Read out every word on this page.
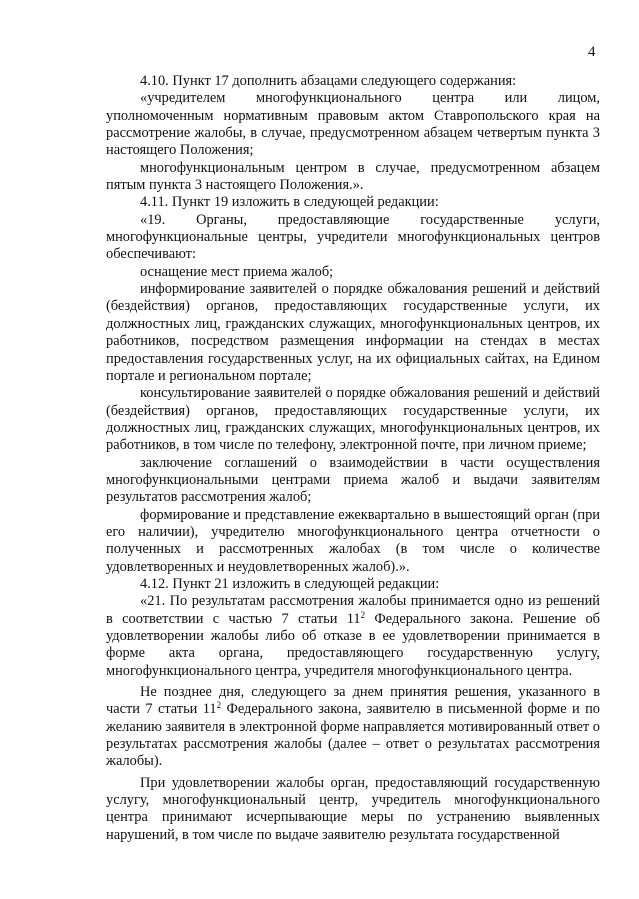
4

4.10. Пункт 17 дополнить абзацами следующего содержания:

«учредителем многофункционального центра или лицом, уполномоченным нормативным правовым актом Ставропольского края на рассмотрение жалобы, в случае, предусмотренном абзацем четвертым пункта 3 настоящего Положения;

многофункциональным центром в случае, предусмотренном абзацем пятым пункта 3 настоящего Положения.».

4.11. Пункт 19 изложить в следующей редакции:

«19. Органы, предоставляющие государственные услуги, многофункциональные центры, учредители многофункциональных центров обеспечивают:

оснащение мест приема жалоб;

информирование заявителей о порядке обжалования решений и действий (бездействия) органов, предоставляющих государственные услуги, их должностных лиц, гражданских служащих, многофункциональных центров, их работников, посредством размещения информации на стендах в местах предоставления государственных услуг, на их официальных сайтах, на Едином портале и региональном портале;

консультирование заявителей о порядке обжалования решений и действий (бездействия) органов, предоставляющих государственные услуги, их должностных лиц, гражданских служащих, многофункциональных центров, их работников, в том числе по телефону, электронной почте, при личном приеме;

заключение соглашений о взаимодействии в части осуществления многофункциональными центрами приема жалоб и выдачи заявителям результатов рассмотрения жалоб;

формирование и представление ежеквартально в вышестоящий орган (при его наличии), учредителю многофункционального центра отчетности о полученных и рассмотренных жалобах (в том числе о количестве удовлетворенных и неудовлетворенных жалоб).».

4.12. Пункт 21 изложить в следующей редакции:

«21. По результатам рассмотрения жалобы принимается одно из решений в соответствии с частью 7 статьи $11^2$ Федерального закона. Решение об удовлетворении жалобы либо об отказе в ее удовлетворении принимается в форме акта органа, предоставляющего государственную услугу, многофункционального центра, учредителя многофункционального центра.

Не позднее дня, следующего за днем принятия решения, указанного в части 7 статьи $11^2$ Федерального закона, заявителю в письменной форме и по желанию заявителя в электронной форме направляется мотивированный ответ о результатах рассмотрения жалобы (далее – ответ о результатах рассмотрения жалобы).

При удовлетворении жалобы орган, предоставляющий государственную услугу, многофункциональный центр, учредитель многофункционального центра принимают исчерпывающие меры по устранению выявленных нарушений, в том числе по выдаче заявителю результата государственной
